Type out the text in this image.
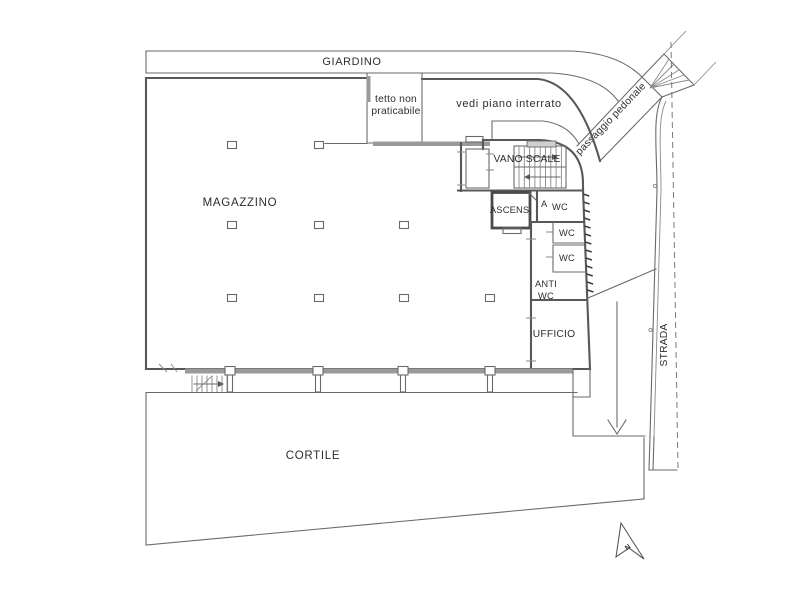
GIARDINO
passaggio pedonale
STRADA
tetto non
praticabile
vedi piano interrato
MAGAZZINO
VANO SCALE
ASCENS.
A WC
WC
WC
ANTI
WC
UFFICIO
CORTILE
N
